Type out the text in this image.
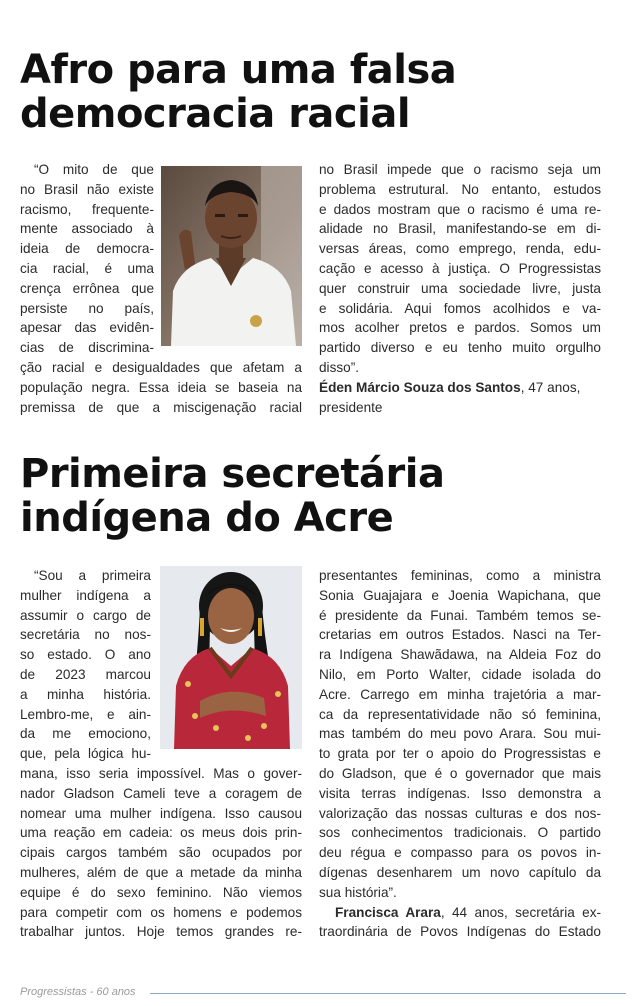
Afro para uma falsa
democracia racial
“O mito de que
no Brasil não existe
racismo, frequente-
mente associado à
ideia de democra-
cia racial, é uma
crença errônea que
persiste no país,
apesar das evidên-
cias de discrimina-
ção racial e desigualdades que afetam a
população negra. Essa ideia se baseia na
premissa de que a miscigenação racial
no Brasil impede que o racismo seja um
problema estrutural. No entanto, estudos
e dados mostram que o racismo é uma re-
alidade no Brasil, manifestando-se em di-
versas áreas, como emprego, renda, edu-
cação e acesso à justiça. O Progressistas
quer construir uma sociedade livre, justa
e solidária. Aqui fomos acolhidos e va-
mos acolher pretos e pardos. Somos um
partido diverso e eu tenho muito orgulho
disso”.
Éden Márcio Souza dos Santos, 47 anos,
presidente
Primeira secretária
indígena do Acre
“Sou a primeira
mulher indígena a
assumir o cargo de
secretária no nos-
so estado. O ano
de 2023 marcou
a minha história.
Lembro-me, e ain-
da me emociono,
que, pela lógica hu-
mana, isso seria impossível. Mas o gover-
nador Gladson Cameli teve a coragem de
nomear uma mulher indígena. Isso causou
uma reação em cadeia: os meus dois prin-
cipais cargos também são ocupados por
mulheres, além de que a metade da minha
equipe é do sexo feminino. Não viemos
para competir com os homens e podemos
trabalhar juntos. Hoje temos grandes re-
presentantes femininas, como a ministra
Sonia Guajajara e Joenia Wapichana, que
é presidente da Funai. Também temos se-
cretarias em outros Estados. Nasci na Ter-
ra Indígena Shawãdawa, na Aldeia Foz do
Nilo, em Porto Walter, cidade isolada do
Acre. Carrego em minha trajetória a mar-
ca da representatividade não só feminina,
mas também do meu povo Arara. Sou mui-
to grata por ter o apoio do Progressistas e
do Gladson, que é o governador que mais
visita terras indígenas. Isso demonstra a
valorização das nossas culturas e dos nos-
sos conhecimentos tradicionais. O partido
deu régua e compasso para os povos in-
dígenas desenharem um novo capítulo da
sua história”.
Francisca Arara, 44 anos, secretária ex-
traordinária de Povos Indígenas do Estado
Progressistas - 60 anos
